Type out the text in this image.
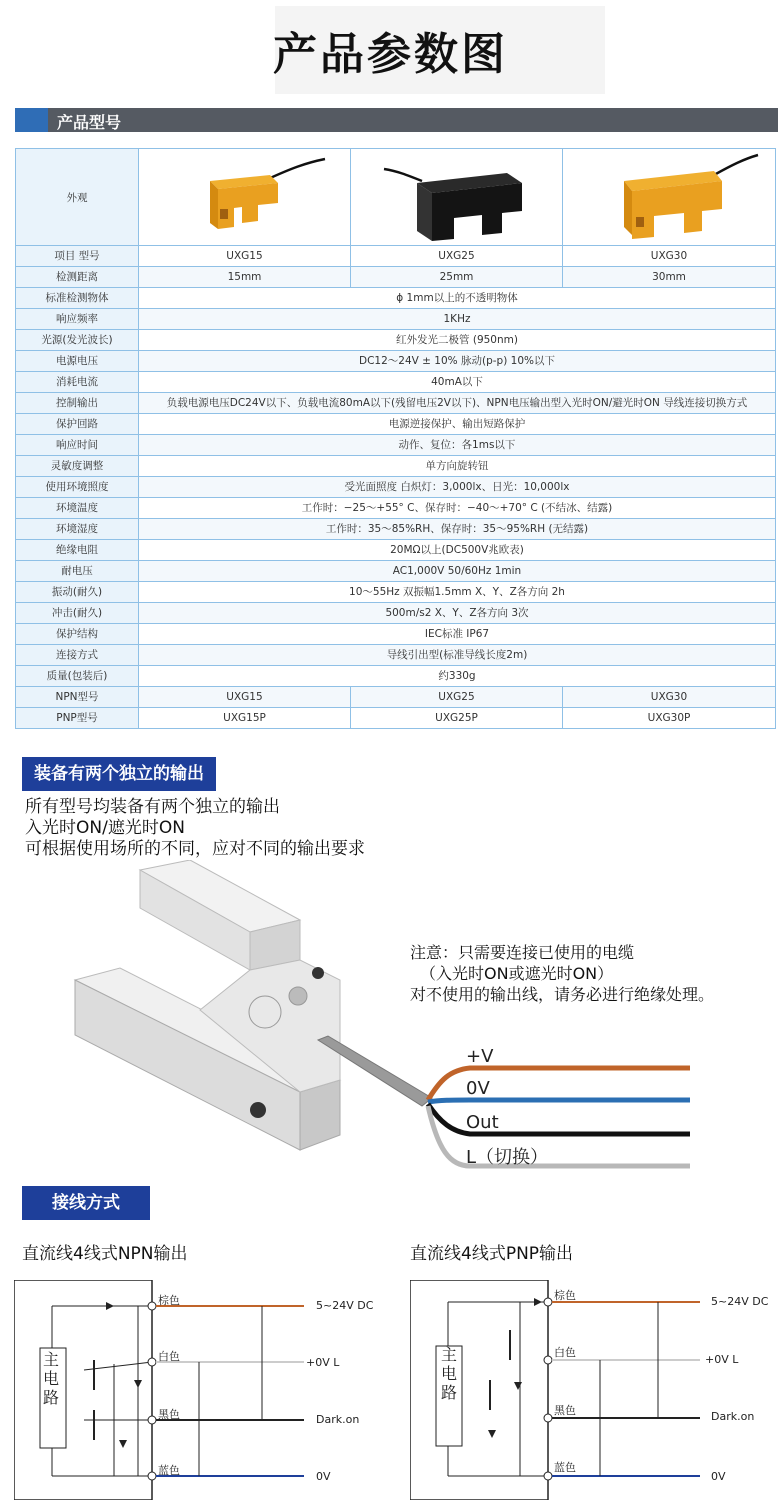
产品参数图
产品型号
外观			
项目 型号	UXG15	UXG25	UXG30
检测距离	15mm	25mm	30mm
标准检测物体	ϕ 1mm以上的不透明物体		
响应频率	1KHz		
光源(发光波长)	红外发光二极管 (950nm)		
电源电压	DC12～24V ± 10% 脉动(p-p) 10%以下		
消耗电流	40mA以下		
控制输出	负载电源电压DC24V以下、负载电流80mA以下(残留电压2V以下)、NPN电压输出型入光时ON/避光时ON 导线连接切换方式		
保护回路	电源逆接保护、输出短路保护		
响应时间	动作、复位：各1ms以下		
灵敏度调整	单方向旋转钮		
使用环境照度	受光面照度 白炽灯：3,000lx、日光：10,000lx		
环境温度	工作时：−25～+55° C、保存时：−40～+70° C (不结冰、结露)		
环境湿度	工作时：35～85%RH、保存时：35～95%RH (无结露)		
绝缘电阻	20MΩ以上(DC500V兆欧表)		
耐电压	AC1,000V 50/60Hz 1min		
振动(耐久)	10～55Hz 双振幅1.5mm X、Y、Z各方向 2h		
冲击(耐久)	500m/s2 X、Y、Z各方向 3次		
保护结构	IEC标准 IP67		
连接方式	导线引出型(标准导线长度2m)		
质量(包装后)	约330g		
NPN型号	UXG15	UXG25	UXG30
PNP型号	UXG15P	UXG25P	UXG30P
装备有两个独立的输出
所有型号均装备有两个独立的输出
入光时ON/遮光时ON
可根据使用场所的不同，应对不同的输出要求
+V
0V
Out
L（切换）
注意：只需要连接已使用的电缆
（入光时ON或遮光时ON）
对不使用的输出线，请务必进行绝缘处理。
接线方式
直流线4线式NPN输出	直流线4线式PNP输出
主
电
路
棕色
白色
黑色
蓝色
5~24V DC
+0V L
Dark.on
0V
主
电
路
棕色
白色
黑色
蓝色
5~24V DC
+0V L
Dark.on
0V
